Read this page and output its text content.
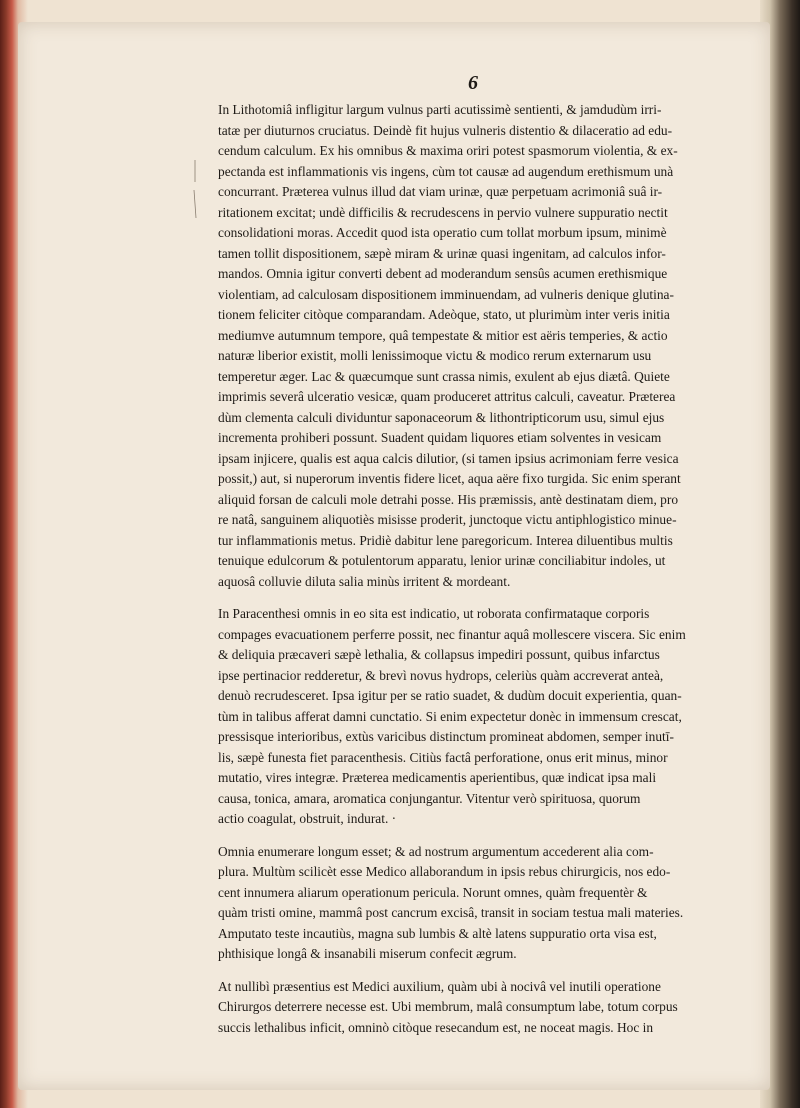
6
In Lithotomiâ infligitur largum vulnus parti acutissimè sentienti, & jamdudùm irri-
tatæ per diuturnos cruciatus. Deindè fit hujus vulneris distentio & dilaceratio ad edu-
cendum calculum. Ex his omnibus & maxima oriri potest spasmorum violentia, & ex-
pectanda est inflammationis vis ingens, cùm tot causæ ad augendum erethismum unà
concurrant. Præterea vulnus illud dat viam urinæ, quæ perpetuam acrimoniâ suâ ir-
ritationem excitat; undè difficilis & recrudescens in pervio vulnere suppuratio nectit
consolidationi moras. Accedit quod ista operatio cum tollat morbum ipsum, minimè
tamen tollit dispositionem, sæpè miram & urinæ quasi ingenitam, ad calculos infor-
mandos. Omnia igitur converti debent ad moderandum sensûs acumen erethismique
violentiam, ad calculosam dispositionem imminuendam, ad vulneris denique glutina-
tionem feliciter citòque comparandam. Adeòque, stato, ut plurimùm inter veris initia
mediumve autumnum tempore, quâ tempestate & mitior est aëris temperies, & actio
naturæ liberior existit, molli lenissimoque victu & modico rerum externarum usu
temperetur æger. Lac & quæcumque sunt crassa nimis, exulent ab ejus diætâ. Quiete
imprimis severâ ulceratio vesicæ, quam produceret attritus calculi, caveatur. Præterea
dùm clementa calculi dividuntur saponaceorum & lithontripticorum usu, simul ejus
incrementa prohiberi possunt. Suadent quidam liquores etiam solventes in vesicam
ipsam injicere, qualis est aqua calcis dilutior, (si tamen ipsius acrimoniam ferre vesica
possit,) aut, si nuperorum inventis fidere licet, aqua aëre fixo turgida. Sic enim sperant
aliquid forsan de calculi mole detrahi posse. His præmissis, antè destinatam diem, pro
re natâ, sanguinem aliquotiès misisse proderit, junctoque victu antiphlogistico minue-
tur inflammationis metus. Pridiè dabitur lene paregoricum. Interea diluentibus multis
tenuique edulcorum & potulentorum apparatu, lenior urinæ conciliabitur indoles, ut
aquosâ colluvie diluta salia minùs irritent & mordeant.
In Paracenthesi omnis in eo sita est indicatio, ut roborata confirmataque corporis
compages evacuationem perferre possit, nec finantur aquâ mollescere viscera. Sic enim
& deliquia præcaveri sæpè lethalia, & collapsus impediri possunt, quibus infarctus
ipse pertinacior redderetur, & brevì novus hydrops, celeriùs quàm accreverat anteà,
denuò recrudesceret. Ipsa igitur per se ratio suadet, & dudùm docuit experientia, quan-
tùm in talibus afferat damni cunctatio. Si enim expectetur donèc in immensum crescat,
pressisque interioribus, extùs varicibus distinctum promineat abdomen, semper inutī-
lis, sæpè funesta fiet paracenthesis. Citiùs factâ perforatione, onus erit minus, minor
mutatio, vires integræ. Præterea medicamentis aperientibus, quæ indicat ipsa mali
causa, tonica, amara, aromatica conjungantur. Vitentur verò spirituosa, quorum
actio coagulat, obstruit, indurat. ·
Omnia enumerare longum esset; & ad nostrum argumentum accederent alia com-
plura. Multùm scilicèt esse Medico allaborandum in ipsis rebus chirurgicis, nos edo-
cent innumera aliarum operationum pericula. Norunt omnes, quàm frequentèr &
quàm tristi omine, mammâ post cancrum excisâ, transit in sociam testua mali materies.
Amputato teste incautiùs, magna sub lumbis & altè latens suppuratio orta visa est,
phthisique longâ & insanabili miserum confecit ægrum.
At nullibì præsentius est Medici auxilium, quàm ubi à nocivâ vel inutili operatione
Chirurgos deterrere necesse est. Ubi membrum, malâ consumptum labe, totum corpus
succis lethalibus inficit, omninò citòque resecandum est, ne noceat magis. Hoc in
